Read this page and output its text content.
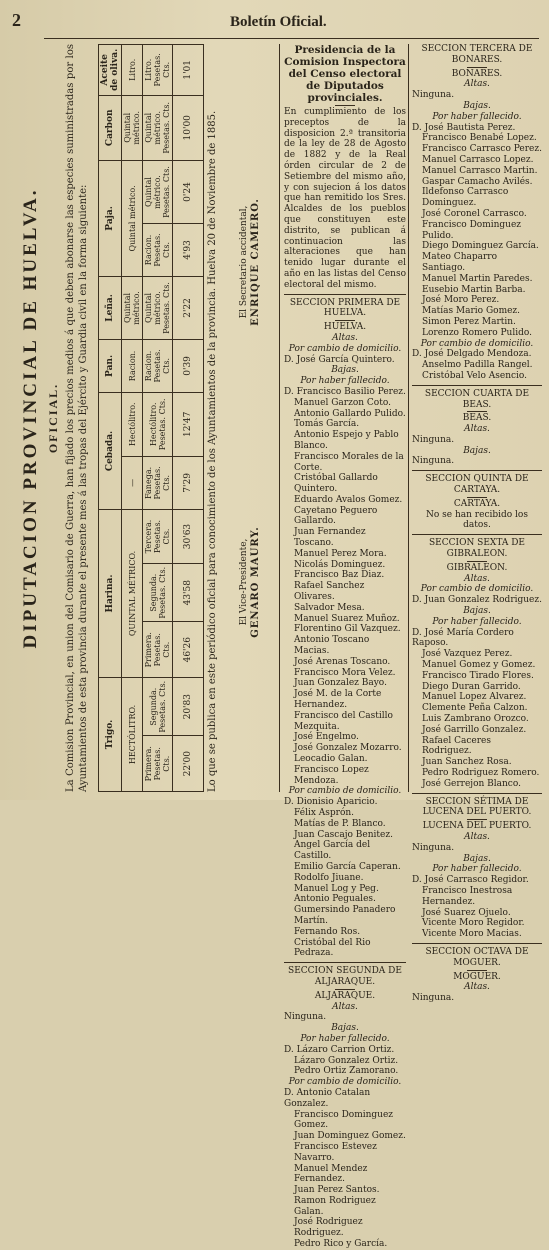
2	Boletín Oficial.
DIPUTACION PROVINCIAL DE HUELVA. OFICIAL. La Comision Provincial, en union del Comisario de Guerra, han fijado los precios medios á que deben abonarse las especies suministradas por los Ayuntamientos de esta provincia durante el presente mes á las tropas del Ejército y Guardia civil en la forma siguiente: Trigo.		Harina.			Cebada.		Pan.	Leña.	Paja.		Carbon	Aceite de oliva.
HECTÓLITRO.		QUINTAL MÉTRICO.			—	Hectólitro.	Racion.	Quintal métrico.	Quintal métrico.		Quintal métrico.	Litro.
Primera. Pesetas. Cts.	Segunda. Pesetas. Cts.	Primera. Pesetas. Cts.	Segunda. Pesetas. Cts.	Tercera. Pesetas. Cts.	Fanega. Pesetas. Cts.	Hectólitro. Pesetas. Cts.	Racion. Pesetas. Cts.	Quintal métrico. Pesetas. Cts.	Racion. Pesetas. Cts.	Quintal métrico. Pesetas. Cts.	Quintal métrico. Pesetas. Cts.	Litro. Pesetas. Cts.
22'00	20'83	46'26	43'58	30'63	7'29	12'47	0'39	2'22	4'93	0'24	10'00	1'01
Lo que se publica en este periódico oficial para conocimiento de los Ayuntamientos de la provincia. Huelva 20 de Noviembre de 1885. El Vice-Presidente, GENARO MAURY.
El Secretario accidental, ENRIQUE CAMERO.

Presidencia de la Comision Inspectora del Censo electoral de Diputados provinciales.

En cumplimiento de los preceptos de la disposicion 2.ª transitoria de la ley de 28 de Agosto de 1882 y de la Real órden circular de 2 de Setiembre del mismo año, y con sujecion á los datos que han remitido los Sres. Alcaldes de los pueblos que constituyen este distrito, se publican á continuacion las alteraciones que han tenido lugar durante el año en las listas del Censo electoral del mismo.

SECCION PRIMERA DE HUELVA.

HUELVA.

Altas.

Por cambio de domicilio.

D. José García Quintero.

Bajas.

Por haber fallecido.

D. Francisco Basilio Perez.

Manuel Garzon Coto.

Antonio Gallardo Pulido.

Tomás García.

Antonio Espejo y Pablo Blanco.

Francisco Morales de la Corte.

Cristóbal Gallardo Quintero.

Eduardo Avalos Gomez.

Cayetano Peguero Gallardo.

Juan Fernandez Toscano.

Manuel Perez Mora.

Nicolás Dominguez.

Francisco Baz Diaz.

Rafael Sanchez Olivares.

Salvador Mesa.

Manuel Suarez Muñoz.

Florentino Gil Vazquez.

Antonio Toscano Macias.

José Arenas Toscano.

Francisco Mora Velez.

Juan Gonzalez Bayo.

José M. de la Corte Hernandez.

Francisco del Castillo Mezquita.

José Engelmo.

José Gonzalez Mozarro.

Leocadio Galan.

Francisco Lopez Mendoza.

Por cambio de domicilio.

D. Dionisio Aparicio.

Félix Asprón.

Matías de P. Blanco.

Juan Cascajo Benitez.

Angel García del Castillo.

Emilio García Caperan.

Rodolfo Jiuane.

Manuel Log y Peg.

Antonio Peguales.

Gumersindo Panadero Martín.

Fernando Ros.

Cristóbal del Rio Pedraza.

SECCION SEGUNDA DE ALJARAQUE.

ALJARAQUE.

Altas.

Ninguna.

Bajas.

Por haber fallecido.

D. Lázaro Carrion Ortiz.

Lázaro Gonzalez Ortiz.

Pedro Ortiz Zamorano.

Por cambio de domicilio.

D. Antonio Catalan Gonzalez.

Francisco Dominguez Gomez.

Juan Dominguez Gomez.

Francisco Estevez Navarro.

Manuel Mendez Fernandez.

Juan Perez Santos.

Ramon Rodriguez Galan.

José Rodriguez Rodriguez.

Pedro Rico y García.

SECCION TERCERA DE BONARES.

BONARES.

Altas.

Ninguna.

Bajas.

Por haber fallecido.

D. José Bautista Perez.

Francisco Benabé Lopez.

Francisco Carrasco Perez.

Manuel Carrasco Lopez.

Manuel Carrasco Martin.

Gaspar Camacho Avilés.

Ildefonso Carrasco Dominguez.

José Coronel Carrasco.

Francisco Dominguez Pulido.

Diego Dominguez García.

Mateo Chaparro Santiago.

Manuel Martin Paredes.

Eusebio Martin Barba.

José Moro Perez.

Matías Mario Gomez.

Simon Perez Martin.

Lorenzo Romero Pulido.

Por cambio de domicilio.

D. José Delgado Mendoza.

Anselmo Padilla Rangel.

Cristóbal Velo Asencio.

SECCION CUARTA DE BEAS.

BEAS.

Altas.

Ninguna.

Bajas.

Ninguna.

SECCION QUINTA DE CARTAYA.

CARTAYA.

No se han recibido los datos.

SECCION SEXTA DE GIBRALEON.

GIBRALEON.

Altas.

Por cambio de domicilio.

D. Juan Gonzalez Rodriguez.

Bajas.

Por haber fallecido.

D. José María Cordero Raposo.

José Vazquez Perez.

Manuel Gomez y Gomez.

Francisco Tirado Flores.

Diego Duran Garrido.

Manuel Lopez Alvarez.

Clemente Peña Calzon.

Luis Zambrano Orozco.

José Garrillo Gonzalez.

Rafael Caceres Rodriguez.

Juan Sanchez Rosa.

Pedro Rodriguez Romero.

José Gerrejon Blanco.

SECCION SÉTIMA DE LUCENA DEL PUERTO.

LUCENA DEL PUERTO.

Altas.

Ninguna.

Bajas.

Por haber fallecido.

D. José Carrasco Regidor.

Francisco Inestrosa Hernandez.

José Suarez Ojuelo.

Vicente Moro Regidor.

Vicente Moro Macias.

SECCION OCTAVA DE MOGUER.

MOGUER.

Altas.

Ninguna.
